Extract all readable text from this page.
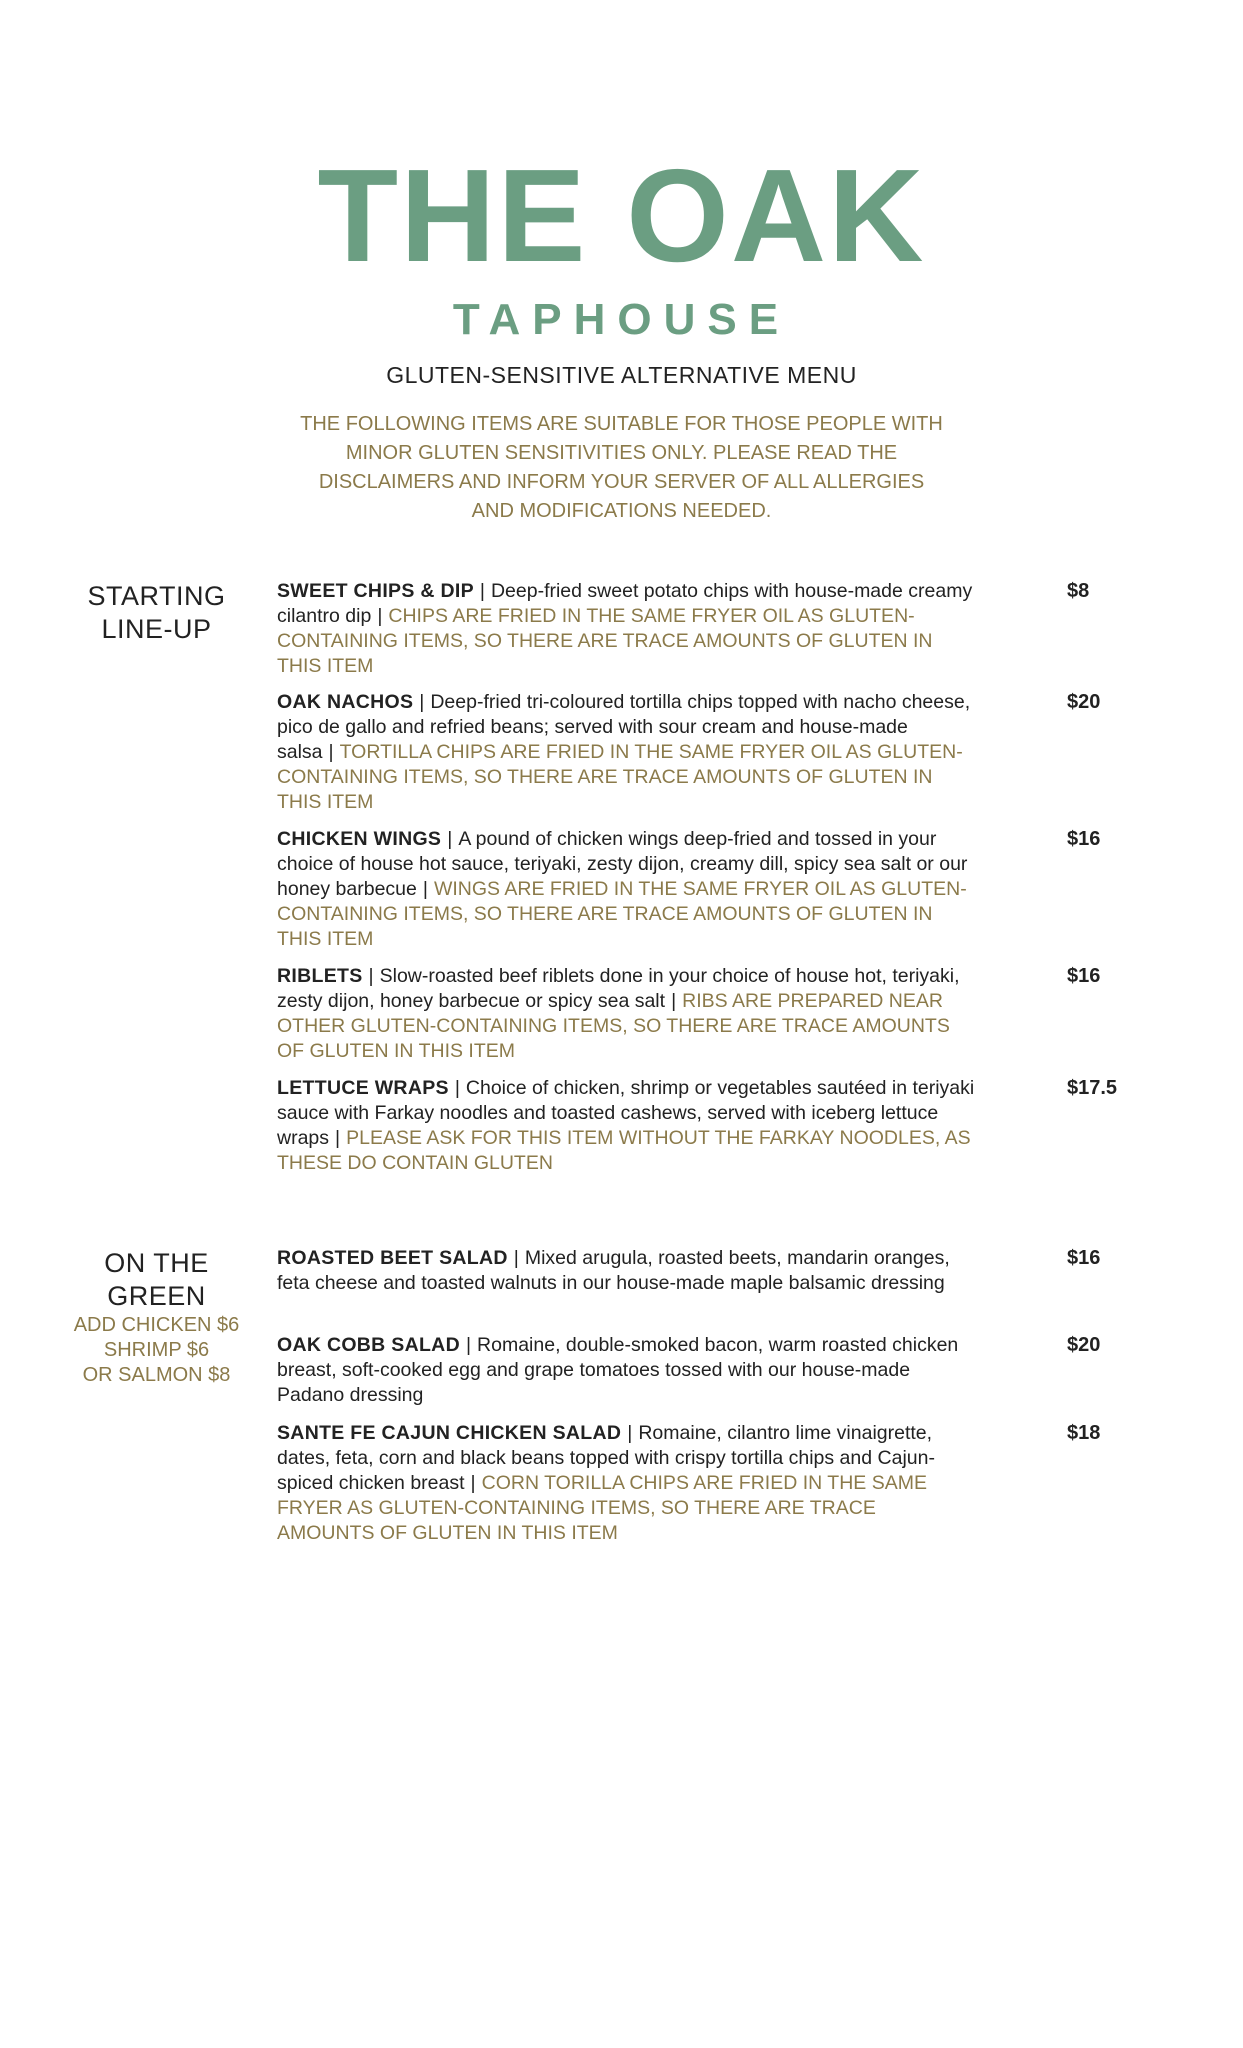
THE OAK
TAPHOUSE
GLUTEN-SENSITIVE ALTERNATIVE MENU
THE FOLLOWING ITEMS ARE SUITABLE FOR THOSE PEOPLE WITH MINOR GLUTEN SENSITIVITIES ONLY. PLEASE READ THE DISCLAIMERS AND INFORM YOUR SERVER OF ALL ALLERGIES AND MODIFICATIONS NEEDED.
STARTING
LINE-UP
SWEET CHIPS & DIP | Deep-fried sweet potato chips with house-made creamy cilantro dip | CHIPS ARE FRIED IN THE SAME FRYER OIL AS GLUTEN-CONTAINING ITEMS, SO THERE ARE TRACE AMOUNTS OF GLUTEN IN THIS ITEM
$8
OAK NACHOS | Deep-fried tri-coloured tortilla chips topped with nacho cheese, pico de gallo and refried beans; served with sour cream and house-made salsa | TORTILLA CHIPS ARE FRIED IN THE SAME FRYER OIL AS GLUTEN-CONTAINING ITEMS, SO THERE ARE TRACE AMOUNTS OF GLUTEN IN THIS ITEM
$20
CHICKEN WINGS | A pound of chicken wings deep-fried and tossed in your choice of house hot sauce, teriyaki, zesty dijon, creamy dill, spicy sea salt or our honey barbecue | WINGS ARE FRIED IN THE SAME FRYER OIL AS GLUTEN-CONTAINING ITEMS, SO THERE ARE TRACE AMOUNTS OF GLUTEN IN THIS ITEM
$16
RIBLETS | Slow-roasted beef riblets done in your choice of house hot, teriyaki, zesty dijon, honey barbecue or spicy sea salt | RIBS ARE PREPARED NEAR OTHER GLUTEN-CONTAINING ITEMS, SO THERE ARE TRACE AMOUNTS OF GLUTEN IN THIS ITEM
$16
LETTUCE WRAPS | Choice of chicken, shrimp or vegetables sautéed in teriyaki sauce with Farkay noodles and toasted cashews, served with iceberg lettuce wraps | PLEASE ASK FOR THIS ITEM WITHOUT THE FARKAY NOODLES, AS THESE DO CONTAIN GLUTEN
$17.5
ON THE
GREEN
ADD CHICKEN $6
SHRIMP $6
OR SALMON $8
ROASTED BEET SALAD | Mixed arugula, roasted beets, mandarin oranges, feta cheese and toasted walnuts in our house-made maple balsamic dressing
$16
OAK COBB SALAD | Romaine, double-smoked bacon, warm roasted chicken breast, soft-cooked egg and grape tomatoes tossed with our house-made Padano dressing
$20
SANTE FE CAJUN CHICKEN SALAD | Romaine, cilantro lime vinaigrette, dates, feta, corn and black beans topped with crispy tortilla chips and Cajun-spiced chicken breast | CORN TORILLA CHIPS ARE FRIED IN THE SAME FRYER AS GLUTEN-CONTAINING ITEMS, SO THERE ARE TRACE AMOUNTS OF GLUTEN IN THIS ITEM
$18
